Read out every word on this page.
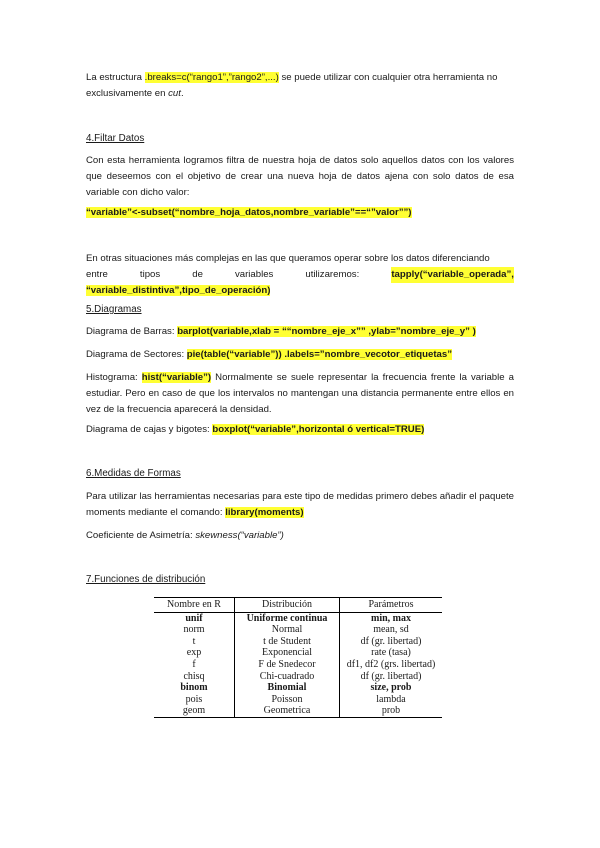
La estructura .breaks=c(“rango1”,”rango2”,...) se puede utilizar con cualquier otra herramienta no exclusivamente en cut.

4.Filtar Datos

Con esta herramienta logramos filtra de nuestra hoja de datos solo aquellos datos con los valores que deseemos con el objetivo de crear una nueva hoja de datos ajena con solo datos de esa variable con dicho valor:

“variable”<-subset(“nombre_hoja_datos,nombre_variable”==“”valor””)

En otras situaciones más complejas en las que queramos operar sobre los datos diferenciando
entre	tipos	de	variables	utilizaremos:	tapply(“variable_operada”,
“variable_distintiva”,tipo_de_operación)

5.Diagramas

Diagrama de Barras: barplot(variable,xlab = ““nombre_eje_x”” ,ylab=”nombre_eje_y” )

Diagrama de Sectores: pie(table(“variable”)) .labels=”nombre_vecotor_etiquetas”

Histograma: hist(“variable”) Normalmente se suele representar la frecuencia frente la variable a estudiar. Pero en caso de que los intervalos no mantengan una distancia permanente entre ellos en vez de la frecuencia aparecerá la densidad.

Diagrama de cajas y bigotes: boxplot(“variable”,horizontal ó vertical=TRUE)

6.Medidas de Formas

Para utilizar las herramientas necesarias para este tipo de medidas primero debes añadir el paquete moments mediante el comando: library(moments)

Coeficiente de Asimetría: skewness(“variable”)

7.Funciones de distribución

Nombre en R	Distribución	Parámetros
unif	Uniforme continua	min, max
norm	Normal	mean, sd
t	t de Student	df (gr. libertad)
exp	Exponencial	rate (tasa)
f	F de Snedecor	df1, df2 (grs. libertad)
chisq	Chi-cuadrado	df (gr. libertad)
binom	Binomial	size, prob
pois	Poisson	lambda
geom	Geometrica	prob
